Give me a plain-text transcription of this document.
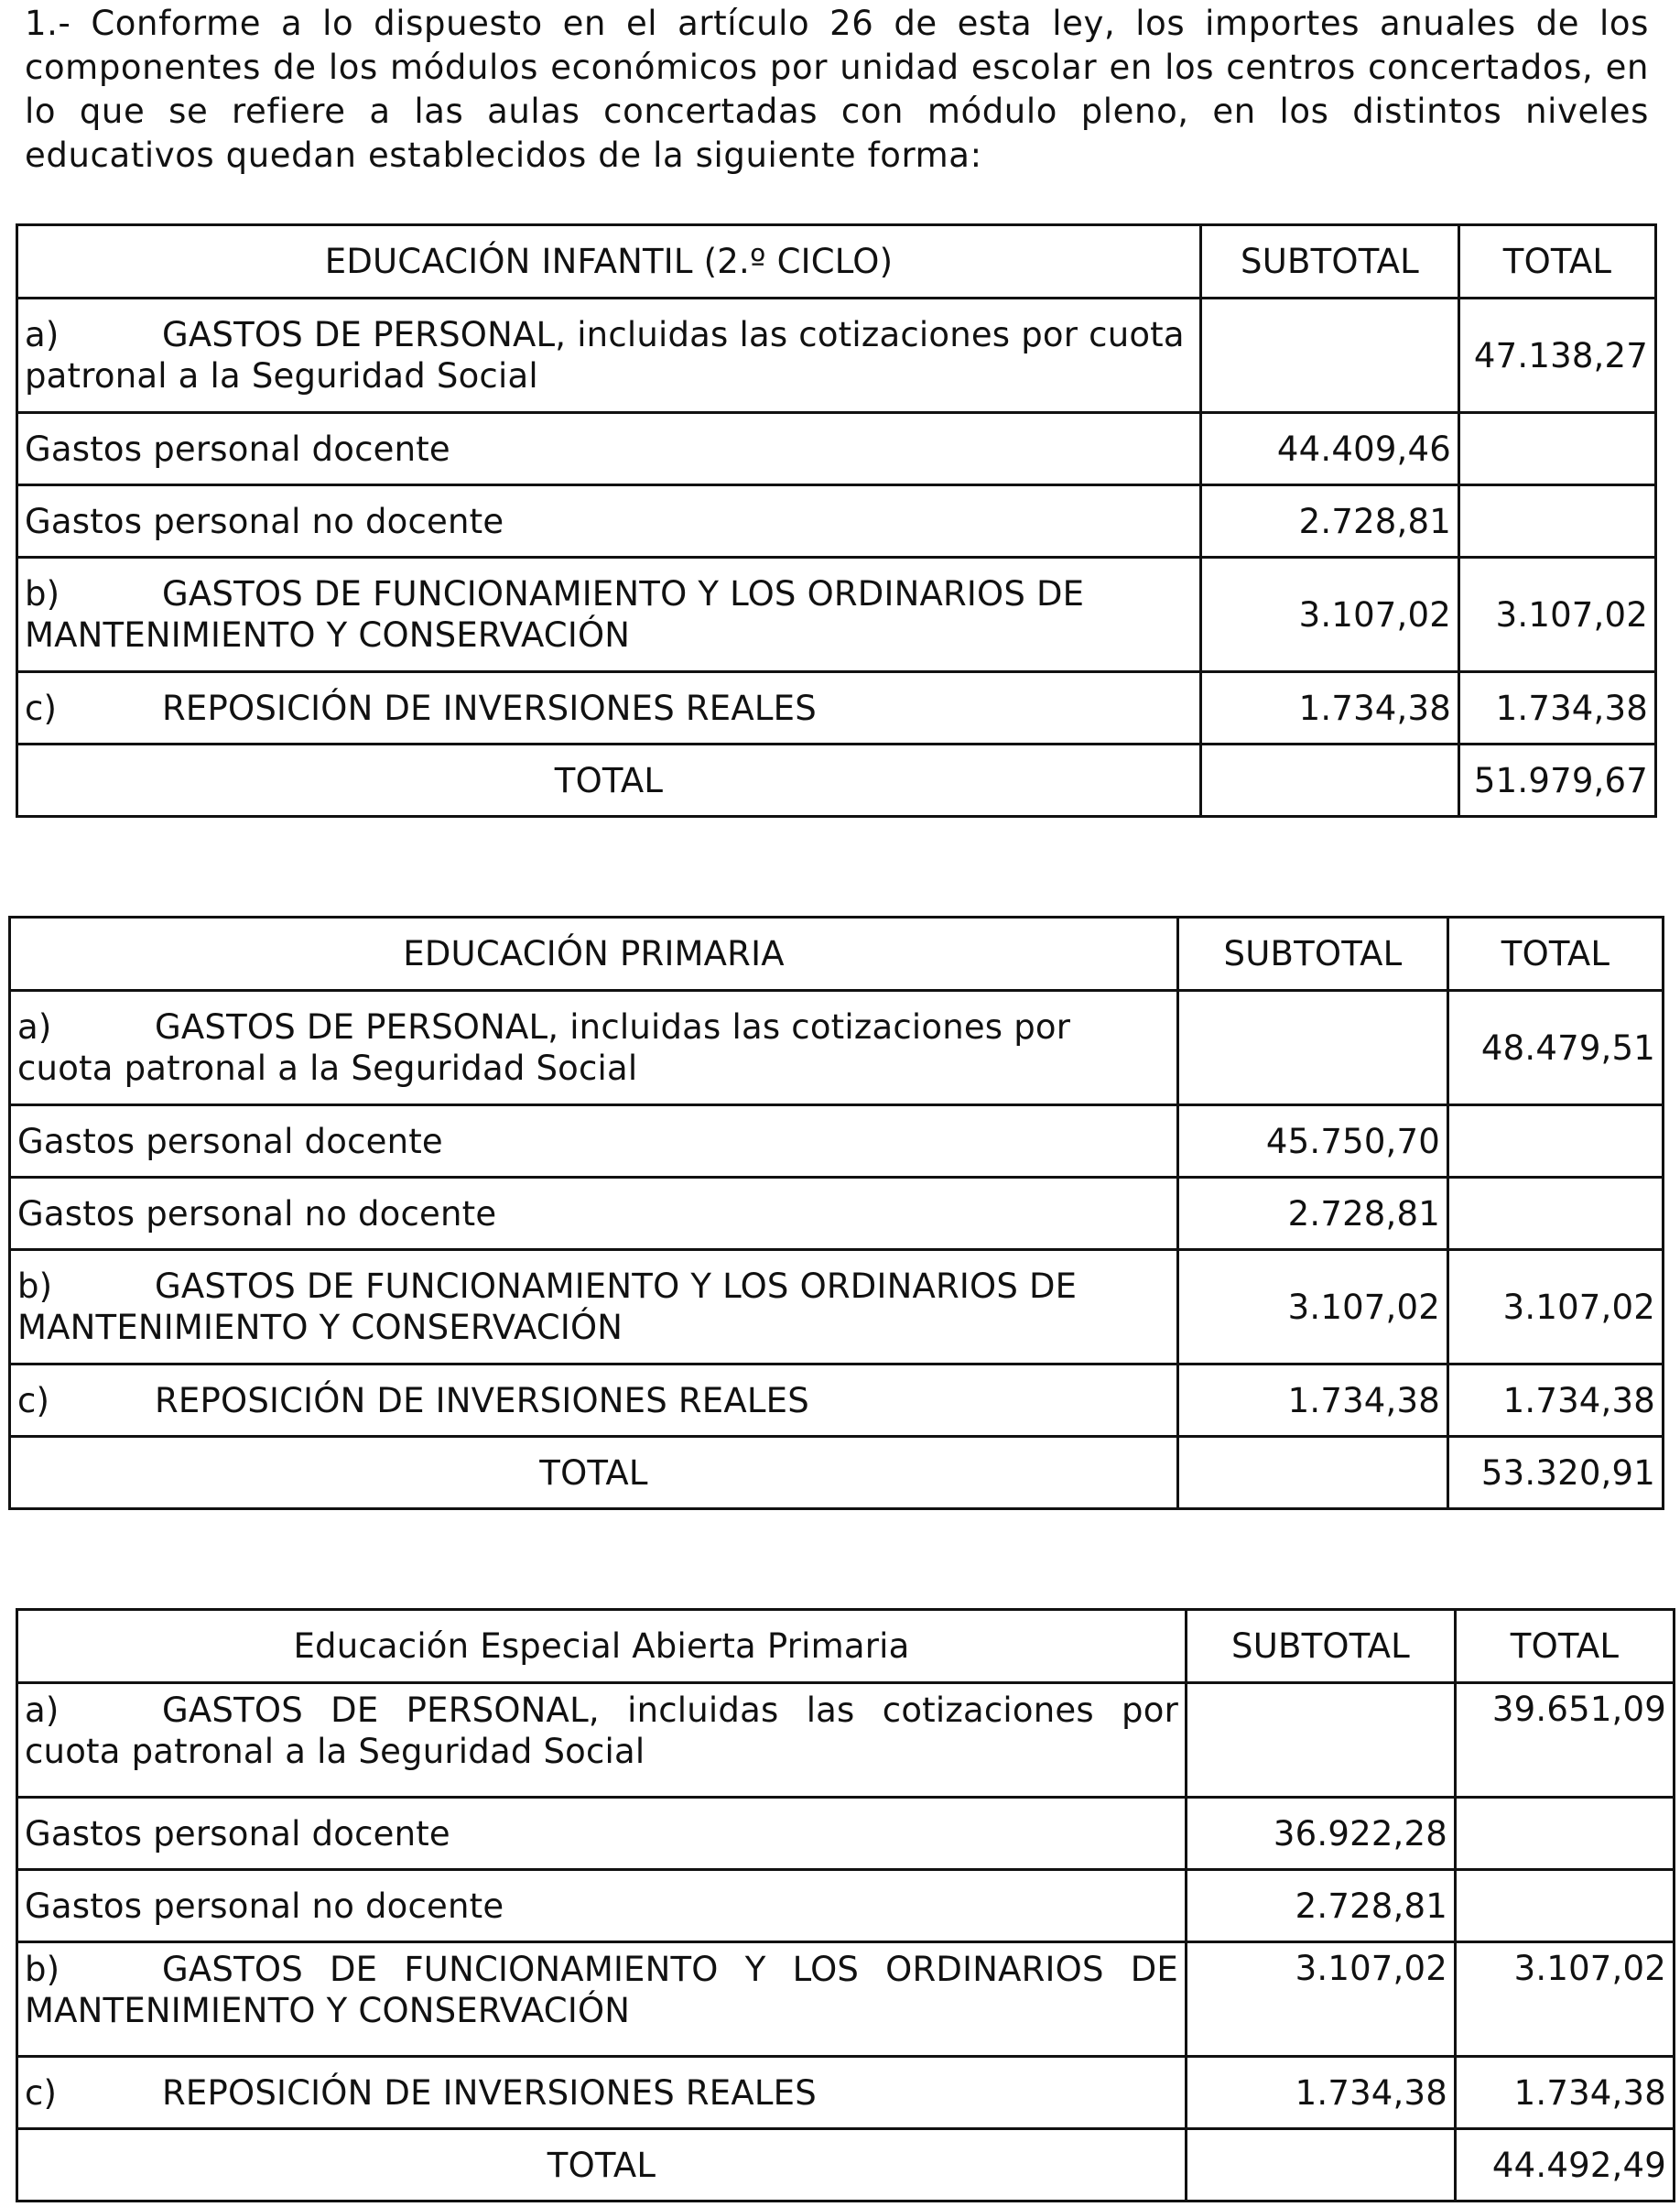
1.- Conforme a lo dispuesto en el artículo 26 de esta ley, los importes anuales de los componentes de los módulos económicos por unidad escolar en los centros concertados, en lo que se refiere a las aulas concertadas con módulo pleno, en los distintos niveles educativos quedan establecidos de la siguiente forma:

EDUCACIÓN INFANTIL (2.º CICLO)	SUBTOTAL	TOTAL
a) GASTOS DE PERSONAL, incluidas las cotizaciones por cuota patronal a la Seguridad Social		47.138,27
Gastos personal docente	44.409,46	
Gastos personal no docente	2.728,81	
b) GASTOS DE FUNCIONAMIENTO Y LOS ORDINARIOS DE MANTENIMIENTO Y CONSERVACIÓN	3.107,02	3.107,02
c) REPOSICIÓN DE INVERSIONES REALES	1.734,38	1.734,38
TOTAL		51.979,67
EDUCACIÓN PRIMARIA	SUBTOTAL	TOTAL
a) GASTOS DE PERSONAL, incluidas las cotizaciones por cuota patronal a la Seguridad Social		48.479,51
Gastos personal docente	45.750,70	
Gastos personal no docente	2.728,81	
b) GASTOS DE FUNCIONAMIENTO Y LOS ORDINARIOS DE MANTENIMIENTO Y CONSERVACIÓN	3.107,02	3.107,02
c) REPOSICIÓN DE INVERSIONES REALES	1.734,38	1.734,38
TOTAL		53.320,91
Educación Especial Abierta Primaria	SUBTOTAL	TOTAL
a) GASTOS DE PERSONAL, incluidas las cotizaciones por cuota patronal a la Seguridad Social		39.651,09
Gastos personal docente	36.922,28	
Gastos personal no docente	2.728,81	
b) GASTOS DE FUNCIONAMIENTO Y LOS ORDINARIOS DE MANTENIMIENTO Y CONSERVACIÓN	3.107,02	3.107,02
c) REPOSICIÓN DE INVERSIONES REALES	1.734,38	1.734,38
TOTAL		44.492,49
